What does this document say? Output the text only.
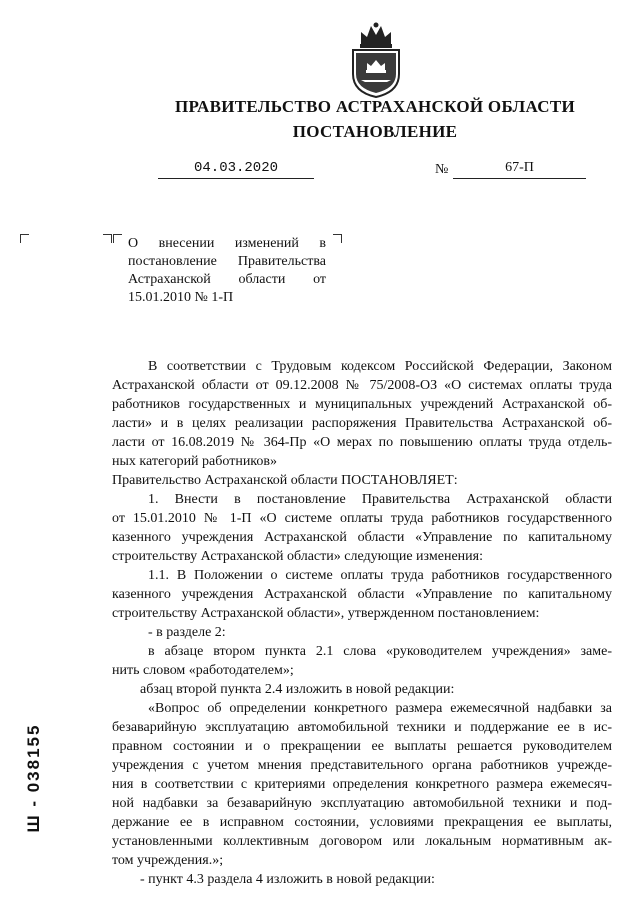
ПРАВИТЕЛЬСТВО АСТРАХАНСКОЙ ОБЛАСТИ
ПОСТАНОВЛЕНИЕ
04.03.2020	№	67-П
О внесении изменений в
постановление Правительства
Астраханской области от
15.01.2010 № 1-П
В соответствии с Трудовым кодексом Российской Федерации, Законом
Астраханской области от 09.12.2008 № 75/2008-ОЗ «О системах оплаты труда
работников государственных и муниципальных учреждений Астраханской об-
ласти» и в целях реализации распоряжения Правительства Астраханской об-
ласти от 16.08.2019 № 364-Пр «О мерах по повышению оплаты труда отдель-
ных категорий работников»
Правительство Астраханской области ПОСТАНОВЛЯЕТ:
1. Внести в постановление Правительства Астраханской области
от 15.01.2010 № 1-П «О системе оплаты труда работников государственного
казенного учреждения Астраханской области «Управление по капитальному
строительству Астраханской области» следующие изменения:
1.1. В Положении о системе оплаты труда работников государственного
казенного учреждения Астраханской области «Управление по капитальному
строительству Астраханской области», утвержденном постановлением:
- в разделе 2:
в абзаце втором пункта 2.1 слова «руководителем учреждения» заме-
нить словом «работодателем»;
абзац второй пункта 2.4 изложить в новой редакции:
«Вопрос об определении конкретного размера ежемесячной надбавки за
безаварийную эксплуатацию автомобильной техники и поддержание ее в ис-
правном состоянии и о прекращении ее выплаты решается руководителем
учреждения с учетом мнения представительного органа работников учрежде-
ния в соответствии с критериями определения конкретного размера ежемесяч-
ной надбавки за безаварийную эксплуатацию автомобильной техники и под-
держание ее в исправном состоянии, условиями прекращения ее выплаты,
установленными коллективным договором или локальным нормативным ак-
том учреждения.»;
- пункт 4.3 раздела 4 изложить в новой редакции:
Ш - 038155
